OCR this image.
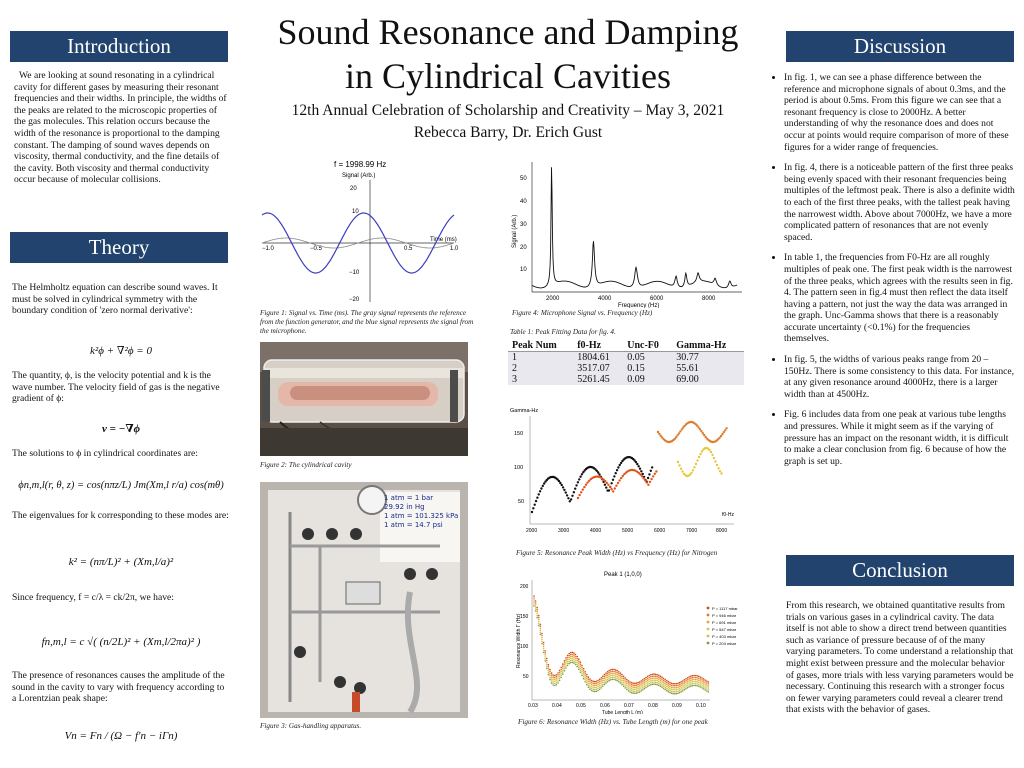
Sound Resonance and Damping
in Cylindrical Cavities
12th Annual Celebration of Scholarship and Creativity – May 3, 2021
Rebecca Barry, Dr. Erich Gust
Introduction
We are looking at sound resonating in a cylindrical cavity for different gases by measuring their resonant frequencies and their widths. In principle, the widths of the peaks are related to the microscopic properties of the gas molecules. This relation occurs because the width of the resonance is proportional to the damping constant. The damping of sound waves depends on viscosity, thermal conductivity, and the fine details of the cavity. Both viscosity and thermal conductivity occur because of molecular collisions.
Theory
The Helmholtz equation can describe sound waves. It must be solved in cylindrical symmetry with the boundary condition of 'zero normal derivative':
k²ϕ + ∇²ϕ = 0
The quantity, ϕ, is the velocity potential and k is the wave number. The velocity field of gas is the negative gradient of ϕ:
v = −∇ϕ
The solutions to ϕ in cylindrical coordinates are:
ϕn,m,l(r, θ, z) = cos(nπz/L) Jm(Xm,l r/a) cos(mθ)
The eigenvalues for k corresponding to these modes are:
k² = (nπ/L)² + (Xm,l/a)²
Since frequency, f = c/λ = ck/2π, we have:
fn,m,l = c √( (n/2L)² + (Xm,l/2πa)² )
The presence of resonances causes the amplitude of the sound in the cavity to vary with frequency according to a Lorentzian peak shape:
Vn = Fn / (Ω − f′n − iΓn)
f = 1998.99 Hz
Signal (Arb.)
Time (ms)
20
10
−10
−20
−1.0	−0.5	0.5	1.0
Figure 1: Signal vs. Time (ms). The gray signal represents the reference from the function generator, and the blue signal represents the signal from the microphone.
Figure 2: The cylindrical cavity
1 atm = 1 bar
29.92 in Hg
1 atm = 101.325 kPa
1 atm = 14.7 psi
Figure 3: Gas-handling apparatus.
Signal (Arb.)
50
40
30
20
10
2000	4000	6000	8000
Frequency (Hz)
Figure 4: Microphone Signal vs. Frequency (Hz)
Table 1: Peak Fitting Data for fig. 4.
Peak Num	f0-Hz	Unc-F0	Gamma-Hz
1	1804.61	0.05	30.77
2	3517.07	0.15	55.61
3	5261.45	0.09	69.00
Gamma-Hz
150
100
50
2000	3000	4000	5000	6000	7000	8000
f0-Hz
Figure 5: Resonance Peak Width (Hz) vs Frequency (Hz) for Nitrogen
Peak 1 (1,0,0)
Resonance Width Γ (Hz)
200
150
100
50
0.03	0.04	0.05	0.06	0.07	0.08	0.09	0.10
Tube Length L (m)
P = 1117 mbar
P = 946 mbar
P = 691 mbar
P = 547 mbar
P = 403 mbar
P = 204 mbar
Figure 6: Resonance Width (Hz) vs. Tube Length (m) for one peak
Discussion
• In fig. 1, we can see a phase difference between the reference and microphone signals of about 0.3ms, and the period is about 0.5ms. From this figure we can see that a resonant frequency is close to 2000Hz. A better understanding of why the resonance does and does not occur at points would require comparison of more of these figures for a wider range of frequencies.
• In fig. 4, there is a noticeable pattern of the first three peaks being evenly spaced with their resonant frequencies being multiples of the leftmost peak. There is also a definite width to each of the first three peaks, with the tallest peak having the narrowest width. Above about 7000Hz, we have a more complicated pattern of resonances that are not evenly spaced.
• In table 1, the frequencies from F0-Hz are all roughly multiples of peak one. The first peak width is the narrowest of the three peaks, which agrees with the results seen in fig. 4. The pattern seen in fig.4 must then reflect the data itself having a pattern, not just the way the data was arranged in the graph. Unc-Gamma shows that there is a reasonably accurate uncertainty (<0.1%) for the frequencies themselves.
• In fig. 5, the widths of various peaks range from 20 – 150Hz. There is some consistency to this data. For instance, at any given resonance around 4000Hz, there is a larger width than at 4500Hz.
• Fig. 6 includes data from one peak at various tube lengths and pressures. While it might seem as if the varying of pressure has an impact on the resonant width, it is difficult to make a clear conclusion from fig. 6 because of how the graph is set up.
Conclusion
From this research, we obtained quantitative results from trials on various gases in a cylindrical cavity. The data itself is not able to show a direct trend between quantities such as variance of pressure because of of the many varying parameters. To come understand a relationship that might exist between pressure and the molecular behavior of gases, more trials with less varying parameters would be necessary. Continuing this research with a stronger focus on fewer varying parameters could reveal a clearer trend that exists with the behavior of gases.
